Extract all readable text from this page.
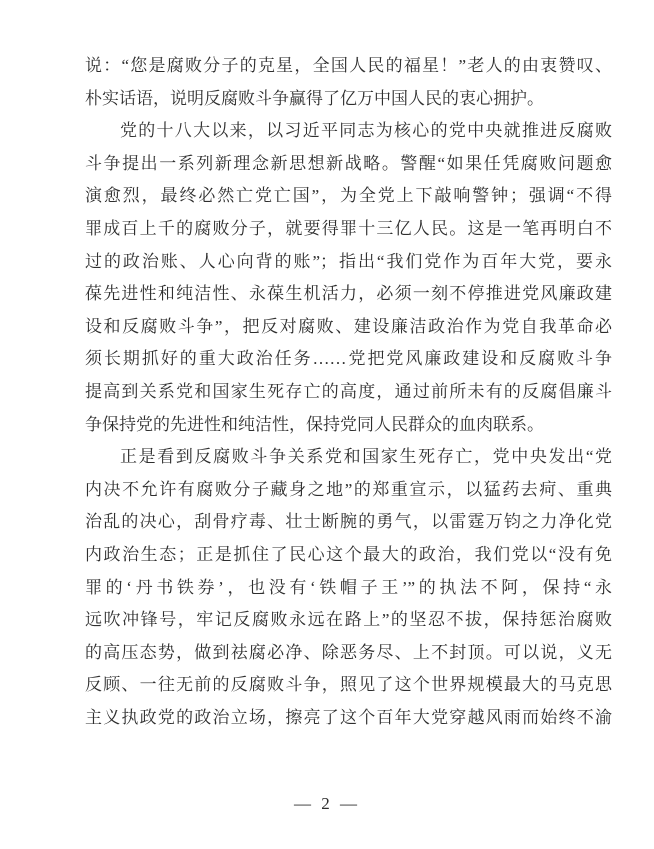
说：“您是腐败分子的克星，全国人民的福星！”老人的由衷赞叹、
朴实话语，说明反腐败斗争赢得了亿万中国人民的衷心拥护。
党的十八大以来，以习近平同志为核心的党中央就推进反腐败
斗争提出一系列新理念新思想新战略。警醒“如果任凭腐败问题愈
演愈烈，最终必然亡党亡国”，为全党上下敲响警钟；强调“不得
罪成百上千的腐败分子，就要得罪十三亿人民。这是一笔再明白不
过的政治账、人心向背的账”；指出“我们党作为百年大党，要永
葆先进性和纯洁性、永葆生机活力，必须一刻不停推进党风廉政建
设和反腐败斗争”，把反对腐败、建设廉洁政治作为党自我革命必
须长期抓好的重大政治任务……党把党风廉政建设和反腐败斗争
提高到关系党和国家生死存亡的高度，通过前所未有的反腐倡廉斗
争保持党的先进性和纯洁性，保持党同人民群众的血肉联系。
正是看到反腐败斗争关系党和国家生死存亡，党中央发出“党
内决不允许有腐败分子藏身之地”的郑重宣示，以猛药去疴、重典
治乱的决心，刮骨疗毒、壮士断腕的勇气，以雷霆万钧之力净化党
内政治生态；正是抓住了民心这个最大的政治，我们党以“没有免
罪的‘丹书铁券’，也没有‘铁帽子王’”的执法不阿，保持“永
远吹冲锋号，牢记反腐败永远在路上”的坚忍不拔，保持惩治腐败
的高压态势，做到祛腐必净、除恶务尽、上不封顶。可以说，义无
反顾、一往无前的反腐败斗争，照见了这个世界规模最大的马克思
主义执政党的政治立场，擦亮了这个百年大党穿越风雨而始终不渝
— 2 —
